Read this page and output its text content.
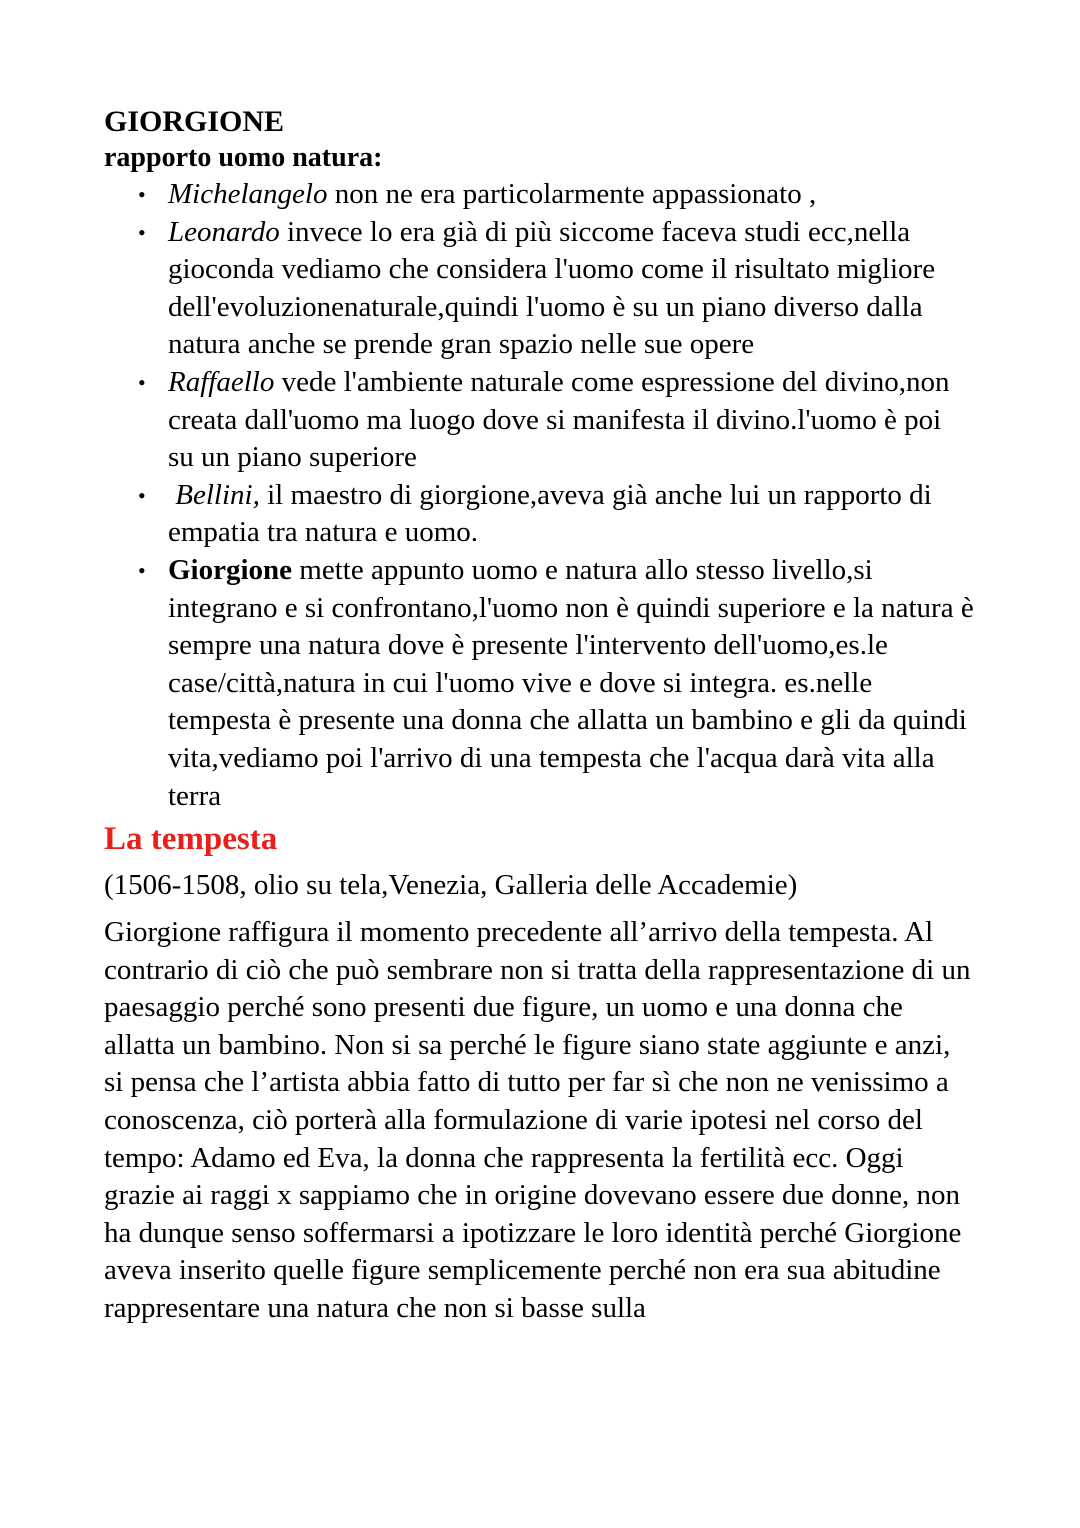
GIORGIONE
rapporto uomo natura:
• Michelangelo non ne era particolarmente appassionato ,
• Leonardo invece lo era già di più siccome faceva studi ecc,nella gioconda vediamo che considera l'uomo come il risultato migliore dell'evoluzionenaturale,quindi l'uomo è su un piano diverso dalla natura anche se prende gran spazio nelle sue opere
• Raffaello vede l'ambiente naturale come espressione del divino,non creata dall'uomo ma luogo dove si manifesta il divino.l'uomo è poi su un piano superiore
• Bellini, il maestro di giorgione,aveva già anche lui un rapporto di empatia tra natura e uomo.
• Giorgione mette appunto uomo e natura allo stesso livello,si integrano e si confrontano,l'uomo non è quindi superiore e la natura è sempre una natura dove è presente l'intervento dell'uomo,es.le case/città,natura in cui l'uomo vive e dove si integra. es.nelle tempesta è presente una donna che allatta un bambino e gli da quindi vita,vediamo poi l'arrivo di una tempesta che l'acqua darà vita alla terra
La tempesta

(1506-1508, olio su tela,Venezia, Galleria delle Accademie)

Giorgione raffigura il momento precedente all’arrivo della tempesta. Al contrario di ciò che può sembrare non si tratta della rappresentazione di un paesaggio perché sono presenti due figure, un uomo e una donna che allatta un bambino. Non si sa perché le figure siano state aggiunte e anzi, si pensa che l’artista abbia fatto di tutto per far sì che non ne venissimo a conoscenza, ciò porterà alla formulazione di varie ipotesi nel corso del tempo: Adamo ed Eva, la donna che rappresenta la fertilità ecc. Oggi grazie ai raggi x sappiamo che in origine dovevano essere due donne, non ha dunque senso soffermarsi a ipotizzare le loro identità perché Giorgione aveva inserito quelle figure semplicemente perché non era sua abitudine rappresentare una natura che non si basse sulla
